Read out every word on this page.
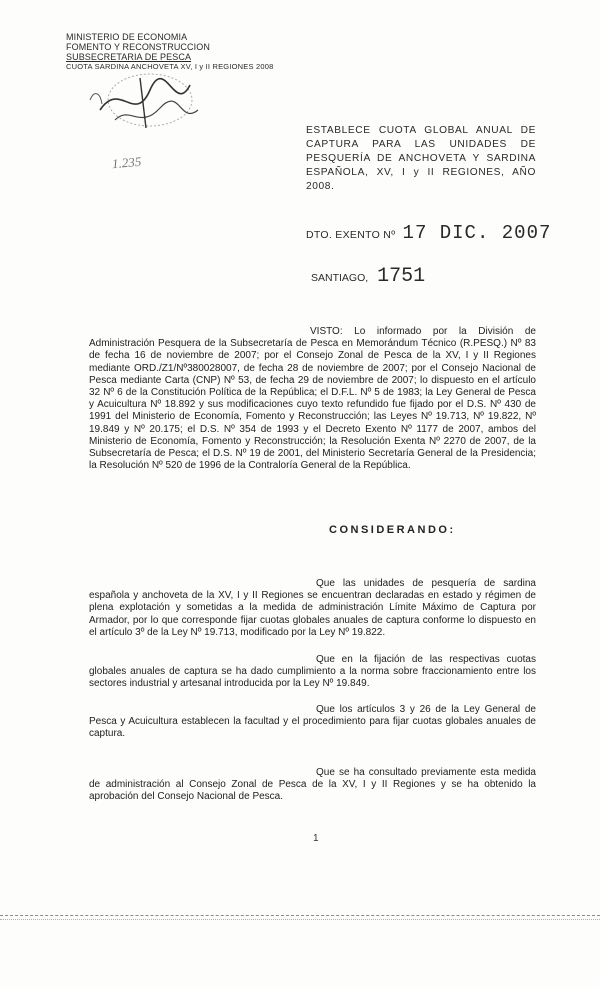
MINISTERIO DE ECONOMIA
FOMENTO Y RECONSTRUCCION
SUBSECRETARIA DE PESCA
CUOTA SARDINA ANCHOVETA XV, I y II REGIONES 2008
1.235
ESTABLECE CUOTA GLOBAL ANUAL DE CAPTURA PARA LAS UNIDADES DE PESQUERÍA DE ANCHOVETA Y SARDINA ESPAÑOLA, XV, I y II REGIONES, AÑO 2008.
DTO. EXENTO Nº 17 DIC. 2007
SANTIAGO, 1751
VISTO: Lo informado por la División de Administración Pesquera de la Subsecretaría de Pesca en Memorándum Técnico (R.PESQ.) Nº 83 de fecha 16 de noviembre de 2007; por el Consejo Zonal de Pesca de la XV, I y II Regiones mediante ORD./Z1/Nº380028007, de fecha 28 de noviembre de 2007; por el Consejo Nacional de Pesca mediante Carta (CNP) Nº 53, de fecha 29 de noviembre de 2007; lo dispuesto en el artículo 32 Nº 6 de la Constitución Política de la República; el D.F.L. Nº 5 de 1983; la Ley General de Pesca y Acuicultura Nº 18.892 y sus modificaciones cuyo texto refundido fue fijado por el D.S. Nº 430 de 1991 del Ministerio de Economía, Fomento y Reconstrucción; las Leyes Nº 19.713, Nº 19.822, Nº 19.849 y Nº 20.175; el D.S. Nº 354 de 1993 y el Decreto Exento Nº 1177 de 2007, ambos del Ministerio de Economía, Fomento y Reconstrucción; la Resolución Exenta Nº 2270 de 2007, de la Subsecretaría de Pesca; el D.S. Nº 19 de 2001, del Ministerio Secretaría General de la Presidencia; la Resolución Nº 520 de 1996 de la Contraloría General de la República.
CONSIDERANDO:
Que las unidades de pesquería de sardina española y anchoveta de la XV, I y II Regiones se encuentran declaradas en estado y régimen de plena explotación y sometidas a la medida de administración Límite Máximo de Captura por Armador, por lo que corresponde fijar cuotas globales anuales de captura conforme lo dispuesto en el artículo 3º de la Ley Nº 19.713, modificado por la Ley Nº 19.822.
Que en la fijación de las respectivas cuotas globales anuales de captura se ha dado cumplimiento a la norma sobre fraccionamiento entre los sectores industrial y artesanal introducida por la Ley Nº 19.849.
Que los artículos 3 y 26 de la Ley General de Pesca y Acuicultura establecen la facultad y el procedimiento para fijar cuotas globales anuales de captura.
Que se ha consultado previamente esta medida de administración al Consejo Zonal de Pesca de la XV, I y II Regiones y se ha obtenido la aprobación del Consejo Nacional de Pesca.
1
